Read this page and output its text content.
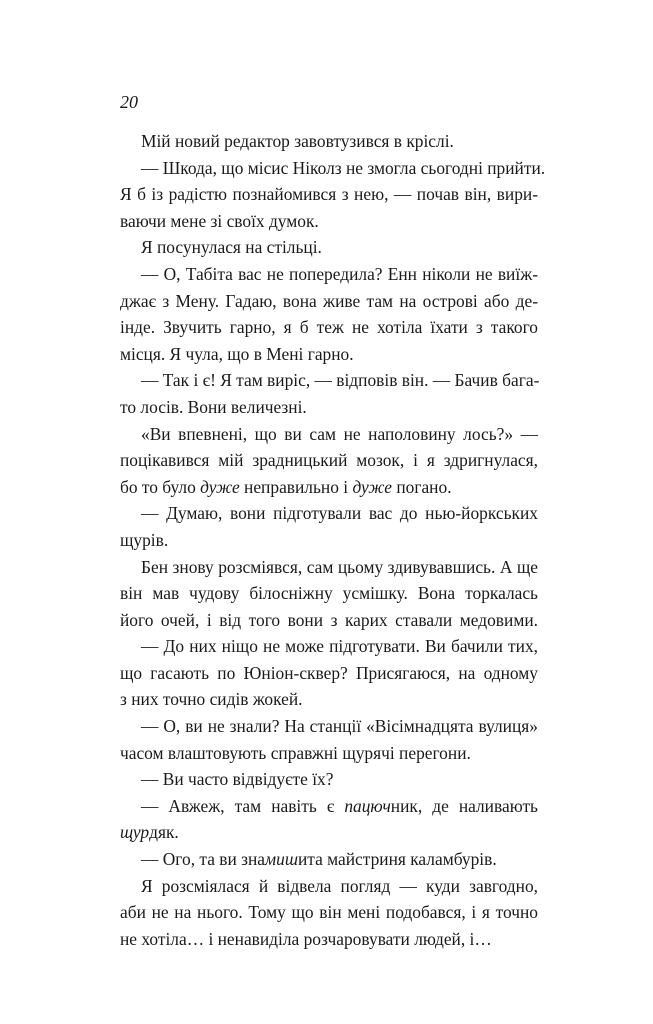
20
Мій новий редактор завовтузився в кріслі.
— Шкода, що місис Ніколз не змогла сьогодні прийти.
Я б із радістю познайомився з нею, — почав він, вири-
ваючи мене зі своїх думок.
Я посунулася на стільці.
— О, Табіта вас не попередила? Енн ніколи не виїж-
джає з Мену. Гадаю, вона живе там на острові або де-
інде. Звучить гарно, я б теж не хотіла їхати з такого
місця. Я чула, що в Мені гарно.
— Так і є! Я там виріс, — відповів він. — Бачив бага-
то лосів. Вони величезні.
«Ви впевнені, що ви сам не наполовину лось?» —
поцікавився мій зрадницький мозок, і я здригнулася,
бо то було дуже неправильно і дуже погано.
— Думаю, вони підготували вас до нью-йоркських
щурів.
Бен знову розсміявся, сам цьому здивувавшись. А ще
він мав чудову білосніжну усмішку. Вона торкалась
його очей, і від того вони з карих ставали медовими.
— До них ніщо не може підготувати. Ви бачили тих,
що гасають по Юніон-сквер? Присягаюся, на одному
з них точно сидів жокей.
— О, ви не знали? На станції «Вісімнадцята вулиця»
часом влаштовують справжні щурячі перегони.
— Ви часто відвідуєте їх?
— Авжеж, там навіть є пацючник, де наливають
щурдяк.
— Ого, та ви знамишита майстриня каламбурів.
Я розсміялася й відвела погляд — куди завгодно,
аби не на нього. Тому що він мені подобався, і я точно
не хотіла… і ненавиділа розчаровувати людей, і…
